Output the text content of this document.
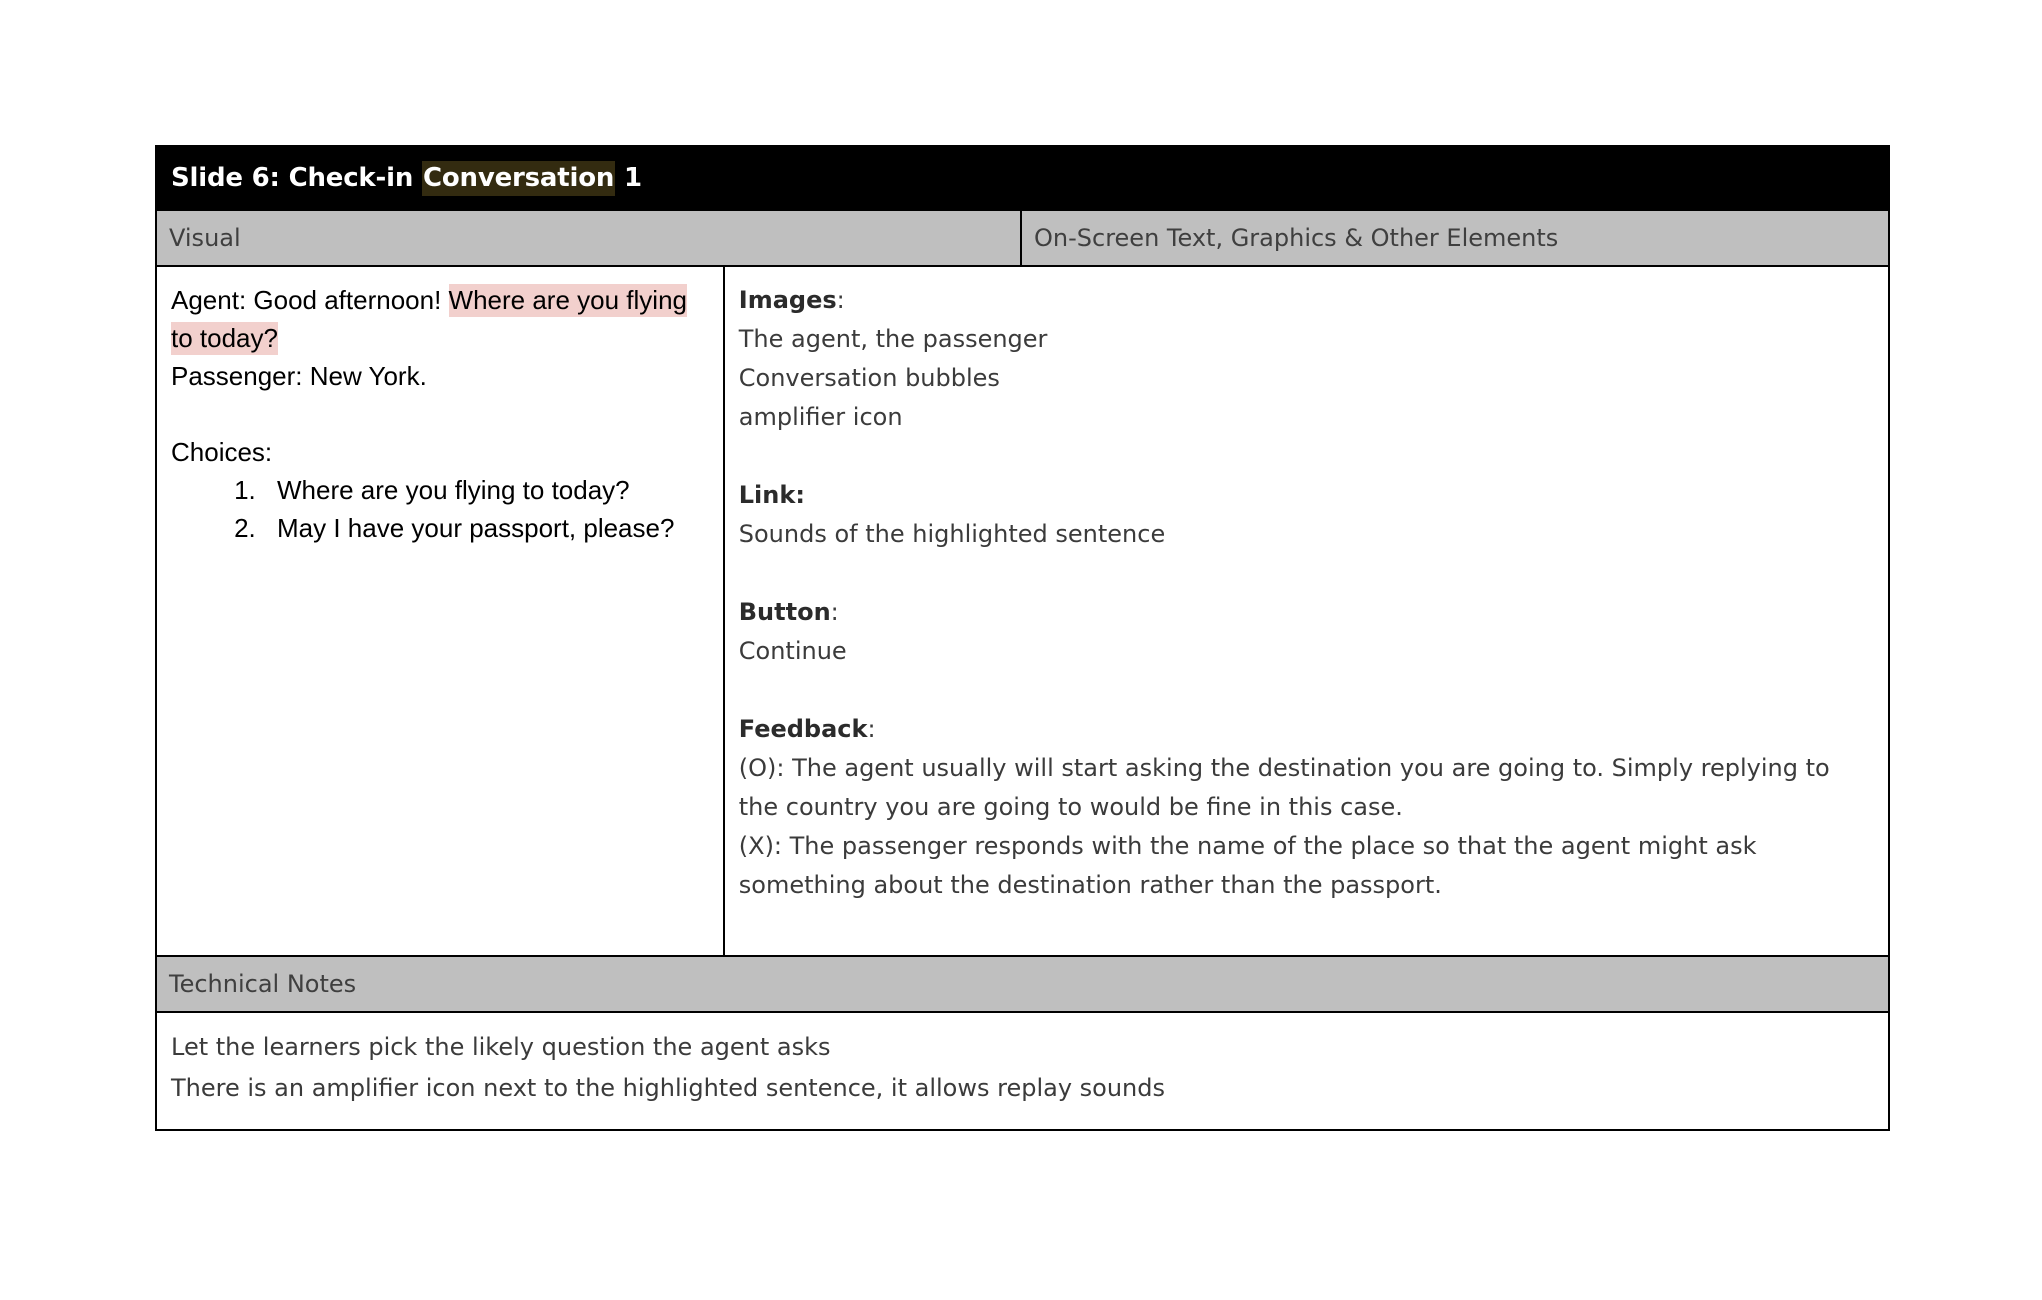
Slide 6: Check-in Conversation 1
Visual	On-Screen Text, Graphics & Other Elements
Agent: Good afternoon! Where are you flying to today?
Passenger: New York.
Choices:
1. Where are you flying to today?
2. May I have your passport, please?
Images:
The agent, the passenger
Conversation bubbles
amplifier icon
Link:
Sounds of the highlighted sentence
Button:
Continue
Feedback:
(O): The agent usually will start asking the destination you are going to. Simply replying to the country you are going to would be fine in this case.
(X): The passenger responds with the name of the place so that the agent might ask something about the destination rather than the passport.
Technical Notes
Let the learners pick the likely question the agent asks
There is an amplifier icon next to the highlighted sentence, it allows replay sounds
